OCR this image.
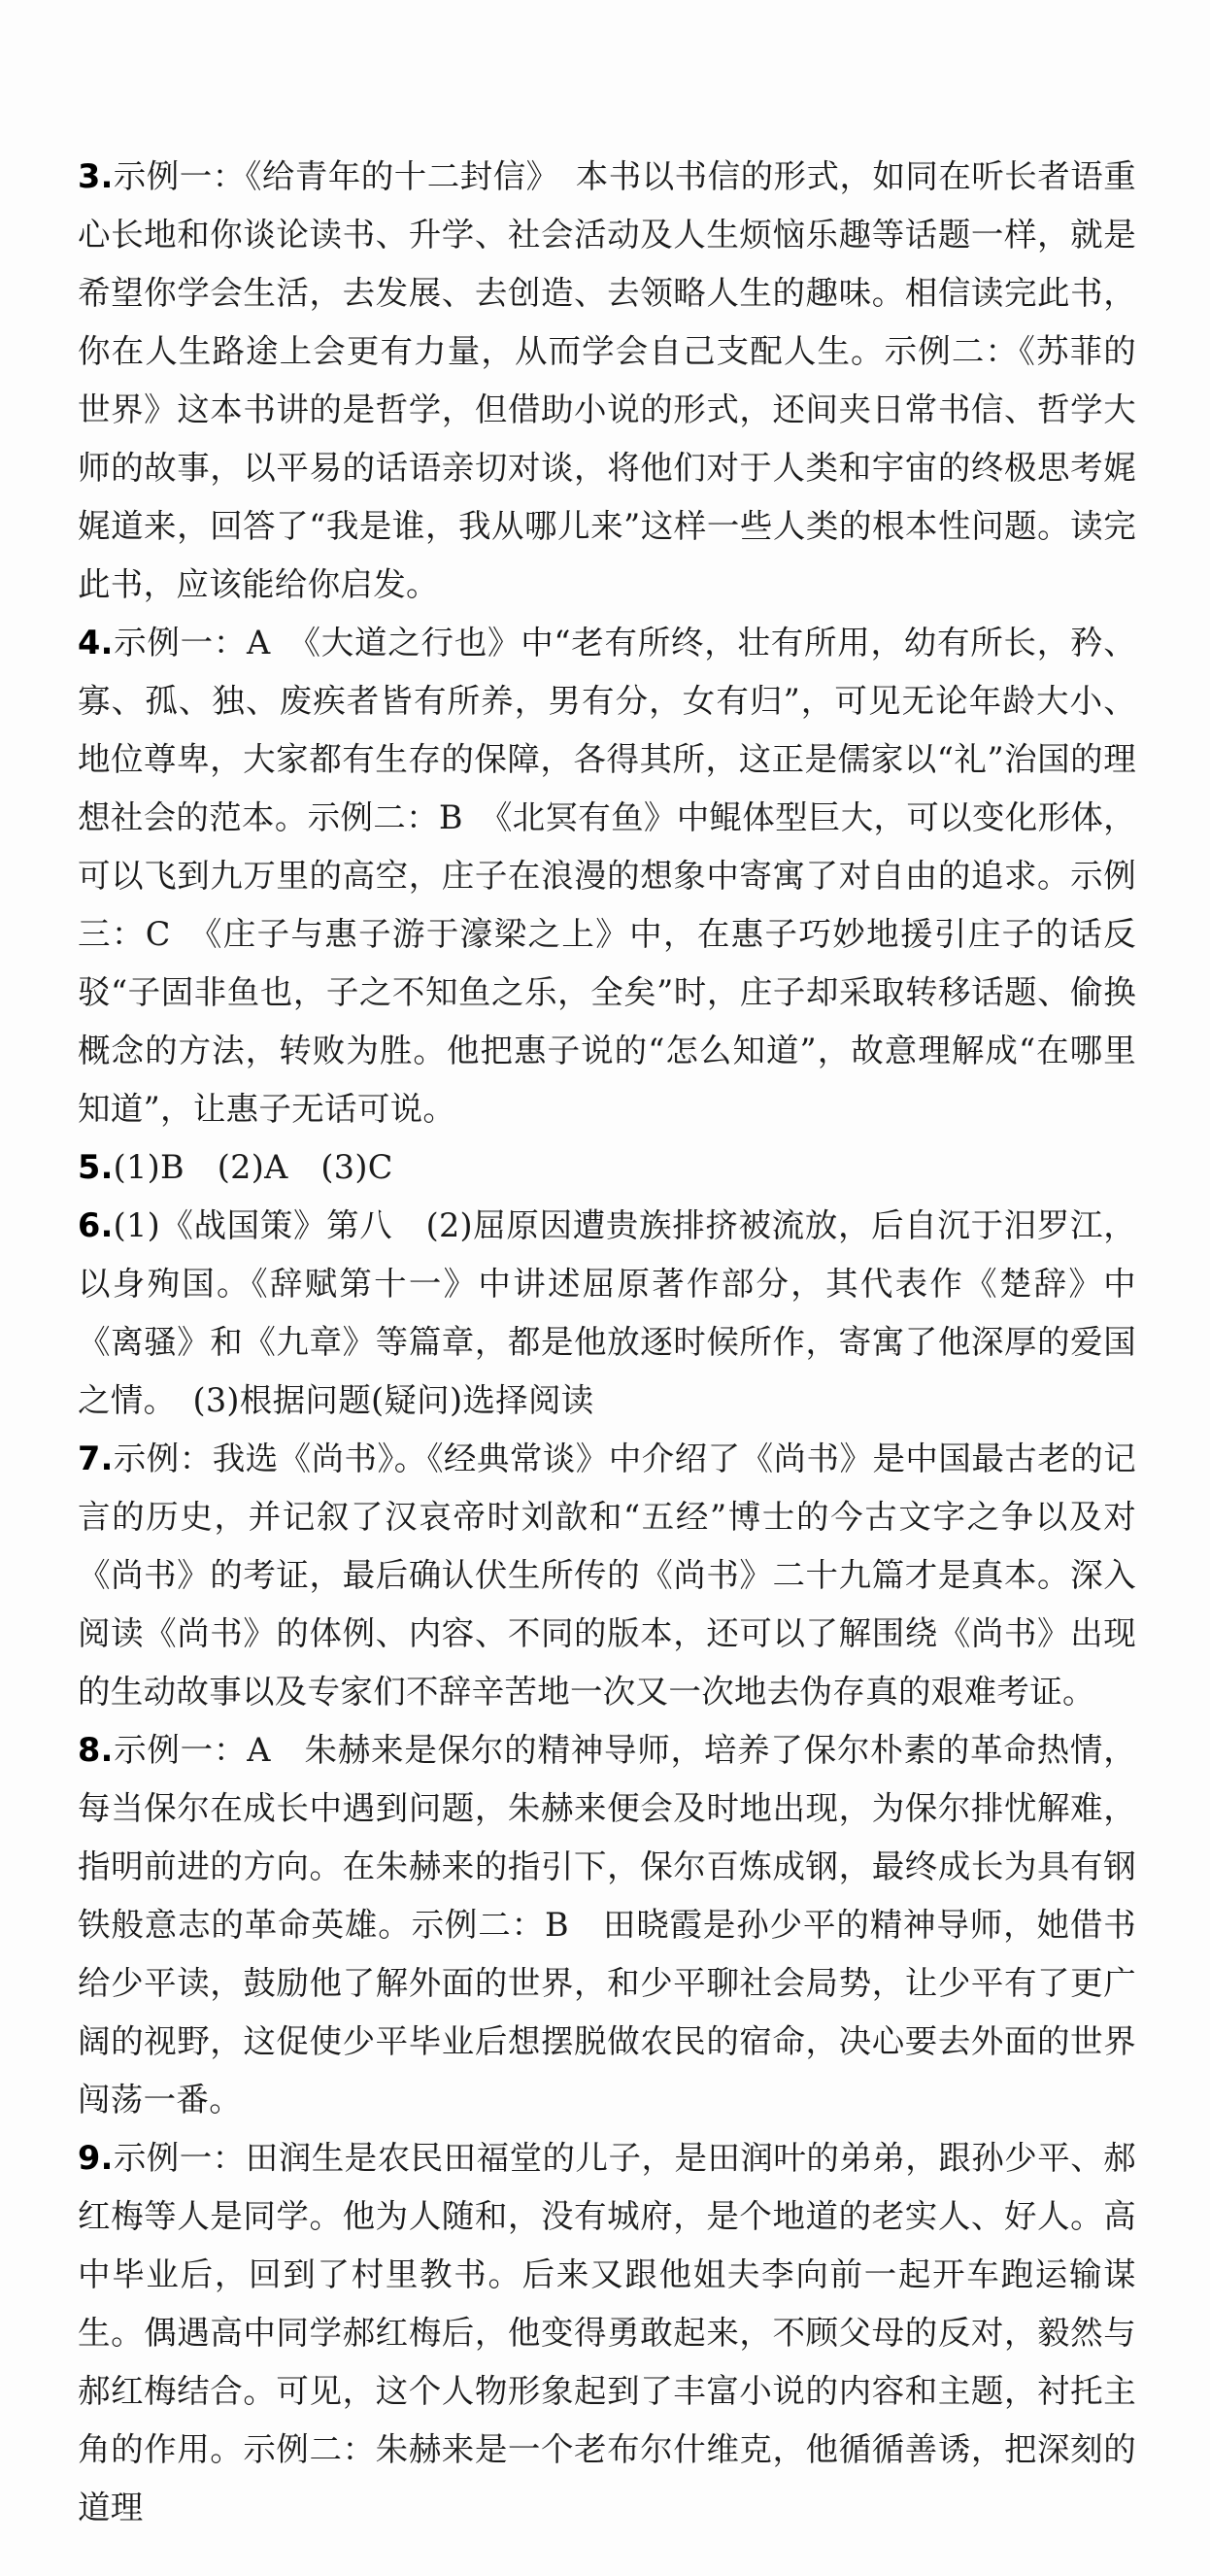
3.示例一：《给青年的十二封信》　本书以书信的形式，如同在听长者语重心长地和你谈论读书、升学、社会活动及人生烦恼乐趣等话题一样，就是希望你学会生活，去发展、去创造、去领略人生的趣味。相信读完此书，你在人生路途上会更有力量，从而学会自己支配人生。示例二：《苏菲的世界》这本书讲的是哲学，但借助小说的形式，还间夹日常书信、哲学大师的故事，以平易的话语亲切对谈，将他们对于人类和宇宙的终极思考娓娓道来，回答了“我是谁，我从哪儿来”这样一些人类的根本性问题。读完此书，应该能给你启发。

4.示例一：A　《大道之行也》中“老有所终，壮有所用，幼有所长，矜、寡、孤、独、废疾者皆有所养，男有分，女有归”，可见无论年龄大小、地位尊卑，大家都有生存的保障，各得其所，这正是儒家以“礼”治国的理想社会的范本。示例二：B　《北冥有鱼》中鲲体型巨大，可以变化形体，可以飞到九万里的高空，庄子在浪漫的想象中寄寓了对自由的追求。示例三：C　《庄子与惠子游于濠梁之上》中，在惠子巧妙地援引庄子的话反驳“子固非鱼也，子之不知鱼之乐，全矣”时，庄子却采取转移话题、偷换概念的方法，转败为胜。他把惠子说的“怎么知道”，故意理解成“在哪里知道”，让惠子无话可说。

5.(1)B　(2)A　(3)C

6.(1)《战国策》第八　(2)屈原因遭贵族排挤被流放，后自沉于汨罗江，以身殉国。《辞赋第十一》中讲述屈原著作部分，其代表作《楚辞》中《离骚》和《九章》等篇章，都是他放逐时候所作，寄寓了他深厚的爱国之情。　(3)根据问题(疑问)选择阅读

7.示例：我选《尚书》。《经典常谈》中介绍了《尚书》是中国最古老的记言的历史，并记叙了汉哀帝时刘歆和“五经”博士的今古文字之争以及对《尚书》的考证，最后确认伏生所传的《尚书》二十九篇才是真本。深入阅读《尚书》的体例、内容、不同的版本，还可以了解围绕《尚书》出现的生动故事以及专家们不辞辛苦地一次又一次地去伪存真的艰难考证。

8.示例一：A　朱赫来是保尔的精神导师，培养了保尔朴素的革命热情，每当保尔在成长中遇到问题，朱赫来便会及时地出现，为保尔排忧解难，指明前进的方向。在朱赫来的指引下，保尔百炼成钢，最终成长为具有钢铁般意志的革命英雄。示例二：B　田晓霞是孙少平的精神导师，她借书给少平读，鼓励他了解外面的世界，和少平聊社会局势，让少平有了更广阔的视野，这促使少平毕业后想摆脱做农民的宿命，决心要去外面的世界闯荡一番。

9.示例一：田润生是农民田福堂的儿子，是田润叶的弟弟，跟孙少平、郝红梅等人是同学。他为人随和，没有城府，是个地道的老实人、好人。高中毕业后，回到了村里教书。后来又跟他姐夫李向前一起开车跑运输谋生。偶遇高中同学郝红梅后，他变得勇敢起来，不顾父母的反对，毅然与郝红梅结合。可见，这个人物形象起到了丰富小说的内容和主题，衬托主角的作用。示例二：朱赫来是一个老布尔什维克，他循循善诱，把深刻的道理
